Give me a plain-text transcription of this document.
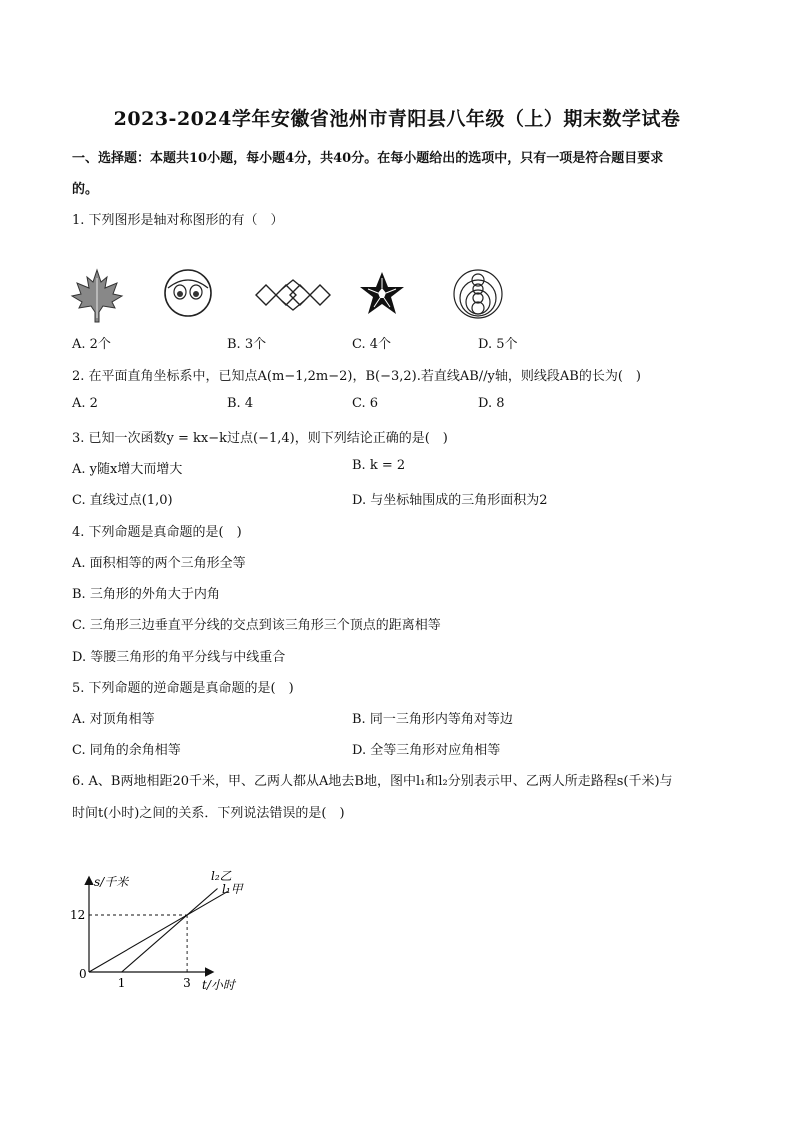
2023-2024学年安徽省池州市青阳县八年级（上）期末数学试卷
一、选择题：本题共10小题，每小题4分，共40分。在每小题给出的选项中，只有一项是符合题目要求
的。
1. 下列图形是轴对称图形的有（　）
A. 2个	B. 3个	C. 4个	D. 5个
2. 在平面直角坐标系中，已知点A(m−1,2m−2)，B(−3,2).若直线AB//y轴，则线段AB的长为(　)
A. 2	B. 4	C. 6	D. 8
3. 已知一次函数y = kx−k过点(−1,4)，则下列结论正确的是(　)
A. y随x增大而增大	B. k = 2
C. 直线过点(1,0)	D. 与坐标轴围成的三角形面积为2
4. 下列命题是真命题的是(　)
A. 面积相等的两个三角形全等
B. 三角形的外角大于内角
C. 三角形三边垂直平分线的交点到该三角形三个顶点的距离相等
D. 等腰三角形的角平分线与中线重合
5. 下列命题的逆命题是真命题的是(　)
A. 对顶角相等	B. 同一三角形内等角对等边
C. 同角的余角相等	D. 全等三角形对应角相等
6. A、B两地相距20千米，甲、乙两人都从A地去B地，图中l₁和l₂分别表示甲、乙两人所走路程s(千米)与
时间t(小时)之间的关系．下列说法错误的是(　)
s/千米
0
12
1	3 t/小时
l₂乙
l₁甲
